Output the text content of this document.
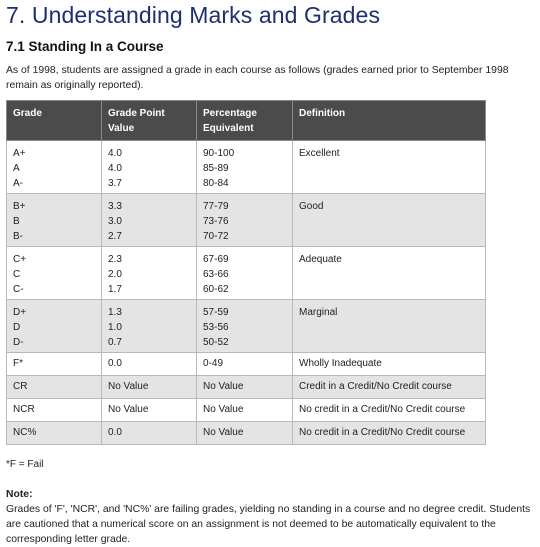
7. Understanding Marks and Grades
7.1 Standing In a Course

As of 1998, students are assigned a grade in each course as follows (grades earned prior to September 1998 remain as originally reported).

Grade	Grade Point Value	Percentage Equivalent	Definition

A+
A
A-	4.0
4.0
3.7	90-100
85-89
80-84	Excellent

B+
B
B-	3.3
3.0
2.7	77-79
73-76
70-72	Good

C+
C
C-	2.3
2.0
1.7	67-69
63-66
60-62	Adequate

D+
D
D-	1.3
1.0
0.7	57-59
53-56
50-52	Marginal

F*	0.0	0-49	Wholly Inadequate

CR	No Value	No Value	Credit in a Credit/No Credit course

NCR	No Value	No Value	No credit in a Credit/No Credit course

NC%	0.0	No Value	No credit in a Credit/No Credit course
*F = Fail
Note:

Grades of 'F', 'NCR', and 'NC%' are failing grades, yielding no standing in a course and no degree credit. Students are cautioned that a numerical score on an assignment is not deemed to be automatically equivalent to the corresponding letter grade.
